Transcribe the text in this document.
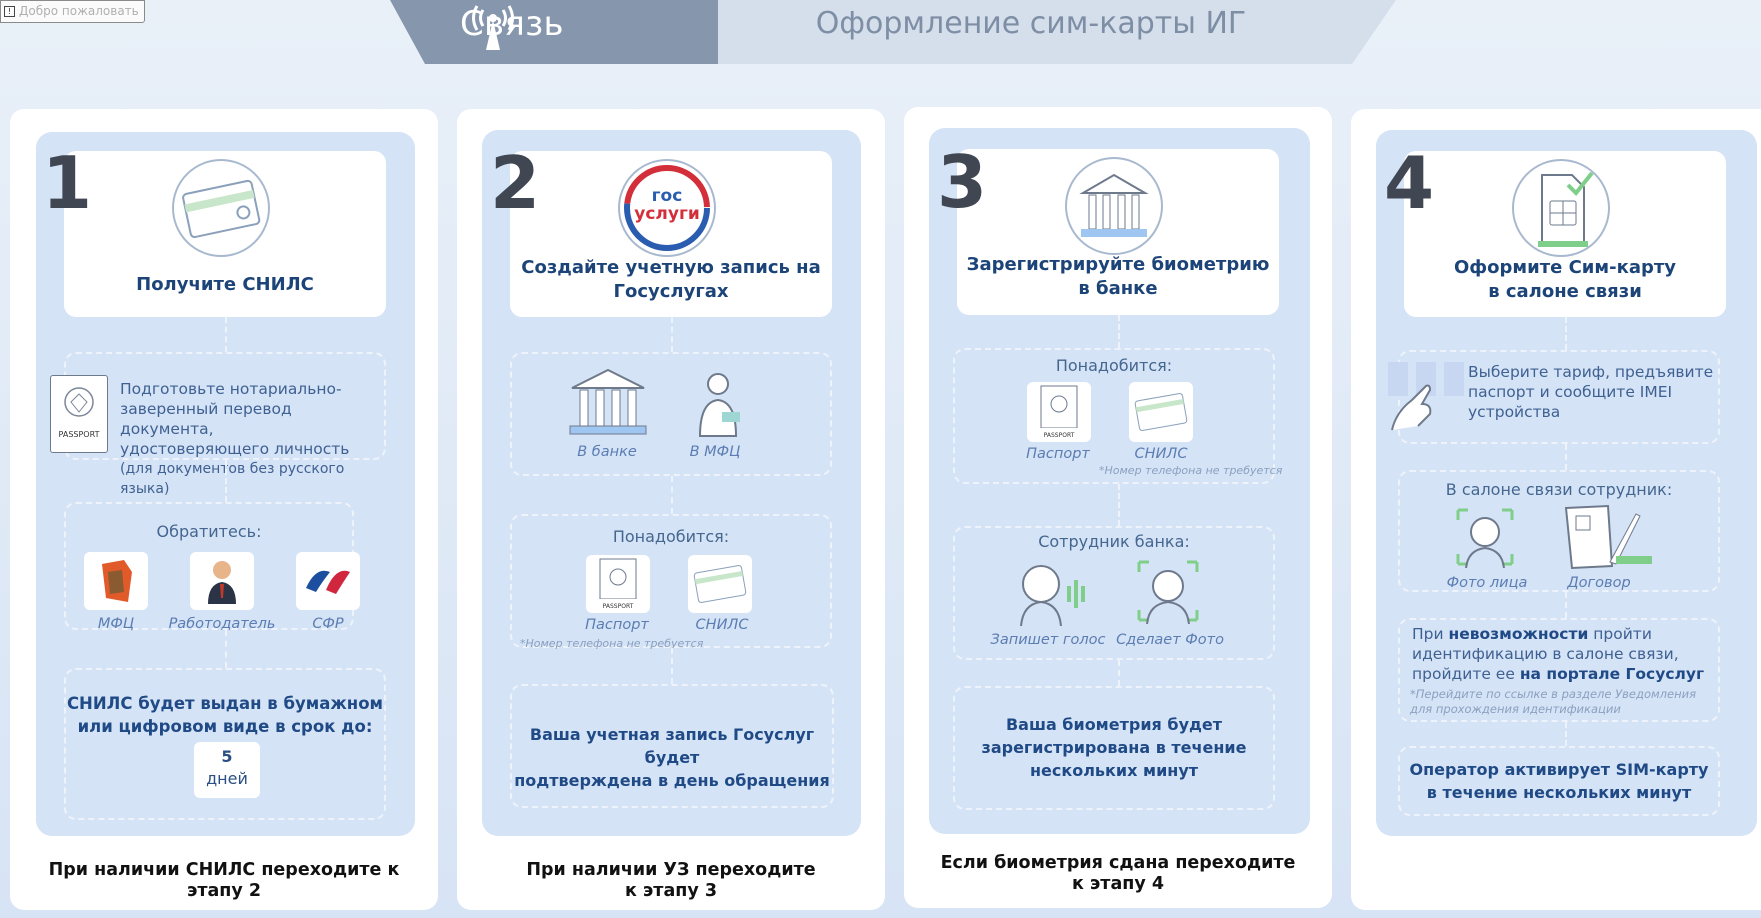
! Добро пожаловать	Связь	Оформление сим-карты ИГ
Получите СНИЛС
1
PASSPORT
Подготовьте нотариально-
заверенный перевод документа,
удостоверяющего личность
(для документов без русского языка)
Обратитесь:
МФЦ	Работодатель	СФР
СНИЛС будет выдан в бумажном
или цифровом виде в срок до:
5
дней
При наличии СНИЛС переходите к
этапу 2
гос
услуги
Создайте учетную запись на
Госуслугах
2
В банке	В МФЦ
Понадобится:
PASSPORT
Паспорт	СНИЛС
*Номер телефона не требуется
Ваша учетная запись Госуслуг будет
подтверждена в день обращения
При наличии УЗ переходите
к этапу 3
Зарегистрируйте биометрию
в банке
3
Понадобится:
PASSPORT
Паспорт	СНИЛС
*Номер телефона не требуется
Сотрудник банка:
Запишет голос Сделает Фото
Ваша биометрия будет
зарегистрирована в течение
нескольких минут
Если биометрия сдана переходите
к этапу 4
Оформите Сим-карту
в салоне связи
4
Выберите тариф, предъявите
паспорт и сообщите IMEI
устройства
В салоне связи сотрудник:
Фото лица	Договор
При невозможности пройти
идентификацию в салоне связи,
пройдите ее на портале Госуслуг
*Перейдите по ссылке в разделе Уведомления
для прохождения идентификации
Оператор активирует SIM-карту
в течение нескольких минут
